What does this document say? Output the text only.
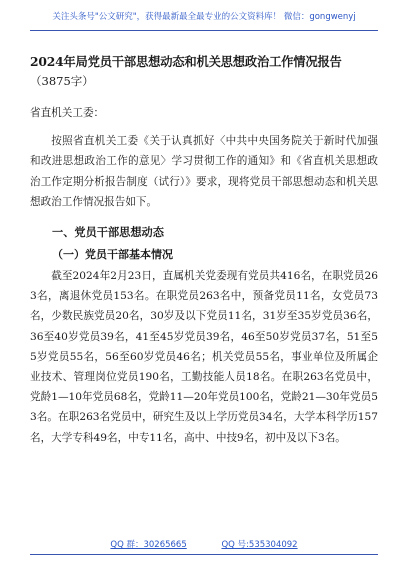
关注头条号"公文研究"，获得最新最全最专业的公文资料库！ 微信：gongwenyj
2024年局党员干部思想动态和机关思想政治工作情况报告
（3875字）

省直机关工委：

按照省直机关工委《关于认真抓好〈中共中央国务院关于新时代加强和改进思想政治工作的意见〉学习贯彻工作的通知》和《省直机关思想政治工作定期分析报告制度（试行）》要求，现将党员干部思想动态和机关思想政治工作情况报告如下。

一、党员干部思想动态
（一）党员干部基本情况

截至2024年2月23日，直属机关党委现有党员共416名，在职党员263名，离退休党员153名。在职党员263名中，预备党员11名，女党员73名，少数民族党员20名，30岁及以下党员11名，31岁至35岁党员36名，36至40岁党员39名，41至45岁党员39名，46至50岁党员37名，51至55岁党员55名，56至60岁党员46名；机关党员55名，事业单位及所属企业技术、管理岗位党员190名，工勤技能人员18名。在职263名党员中，党龄1—10年党员68名，党龄11—20年党员100名，党龄21—30年党员53名。在职263名党员中，研究生及以上学历党员34名，大学本科学历157名，大学专科49名，中专11名，高中、中技9名，初中及以下3名。

QQ 群：30265665	QQ 号:535304092
